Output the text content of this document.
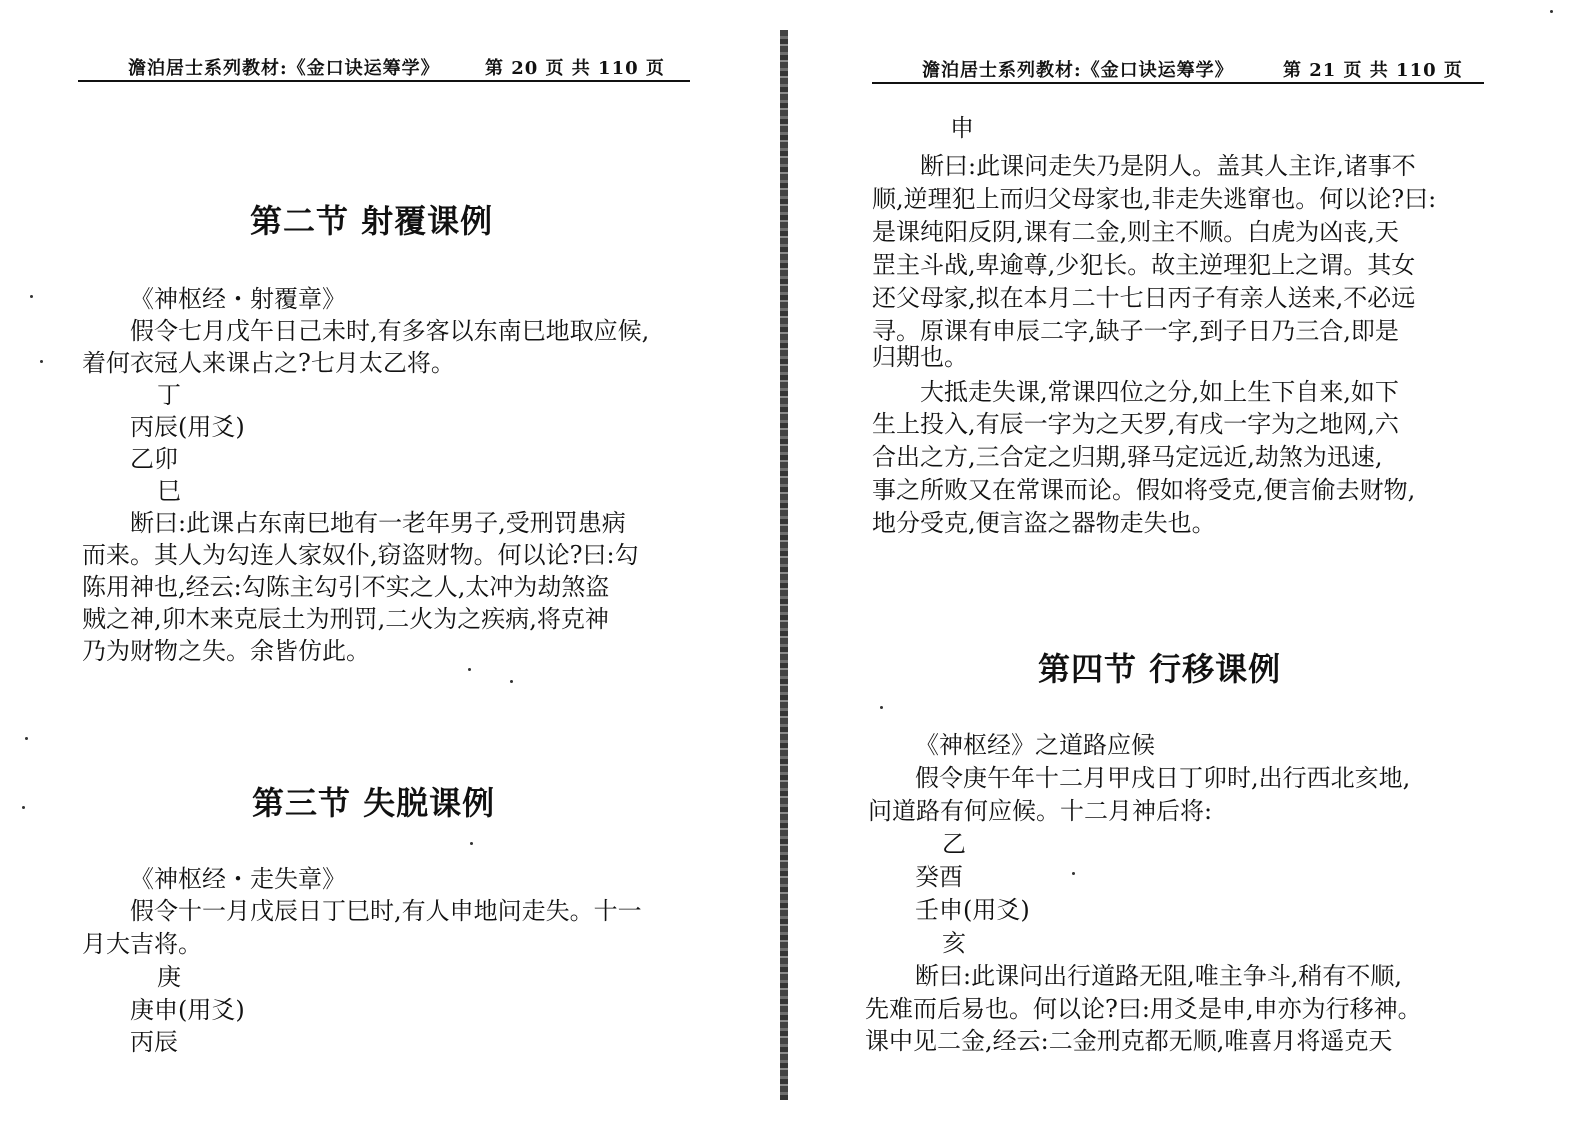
澹泊居士系列教材:《金口诀运筹学》	第 20 页 共 110 页
第二节 射覆课例
《神枢经・射覆章》
假令七月戊午日己未时,有多客以东南巳地取应候,
着何衣冠人来课占之?七月太乙将。
丁
丙辰(用爻)
乙卯
巳
断曰:此课占东南巳地有一老年男子,受刑罚患病
而来。其人为勾连人家奴仆,窃盗财物。何以论?曰:勾
陈用神也,经云:勾陈主勾引不实之人,太冲为劫煞盗
贼之神,卯木来克辰土为刑罚,二火为之疾病,将克神
乃为财物之失。余皆仿此。
第三节 失脱课例
《神枢经・走失章》
假令十一月戊辰日丁巳时,有人申地问走失。十一
月大吉将。
庚
庚申(用爻)
丙辰
澹泊居士系列教材:《金口诀运筹学》	第 21 页 共 110 页
申
断曰:此课问走失乃是阴人。盖其人主诈,诸事不
顺,逆理犯上而归父母家也,非走失逃窜也。何以论?曰:
是课纯阳反阴,课有二金,则主不顺。白虎为凶丧,天
罡主斗战,卑逾尊,少犯长。故主逆理犯上之谓。其女
还父母家,拟在本月二十七日丙子有亲人送来,不必远
寻。原课有申辰二字,缺子一字,到子日乃三合,即是
归期也。
大抵走失课,常课四位之分,如上生下自来,如下
生上投入,有辰一字为之天罗,有戌一字为之地网,六
合出之方,三合定之归期,驿马定远近,劫煞为迅速,
事之所败又在常课而论。假如将受克,便言偷去财物,
地分受克,便言盗之器物走失也。
第四节 行移课例
《神枢经》之道路应候
假令庚午年十二月甲戌日丁卯时,出行西北亥地,
问道路有何应候。十二月神后将:
乙
癸酉
壬申(用爻)
亥
断曰:此课问出行道路无阻,唯主争斗,稍有不顺,
先难而后易也。何以论?曰:用爻是申,申亦为行移神。
课中见二金,经云:二金刑克都无顺,唯喜月将遥克天
